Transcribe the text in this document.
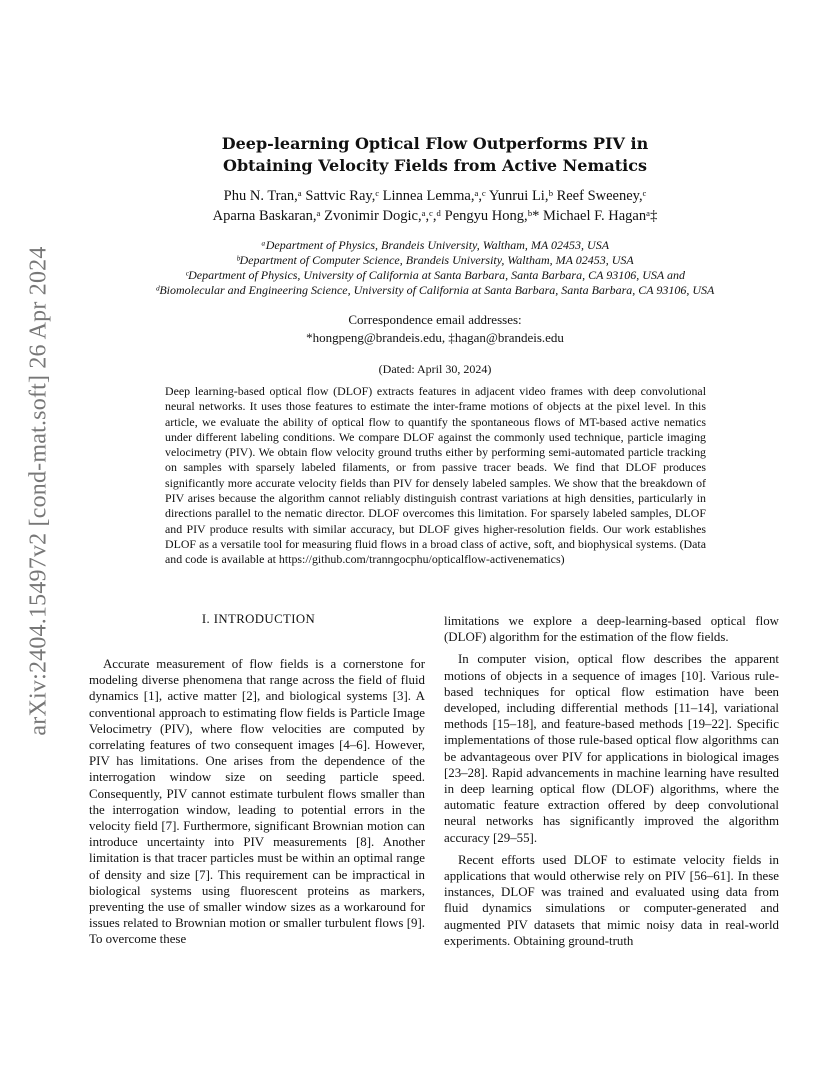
arXiv:2404.15497v2 [cond-mat.soft] 26 Apr 2024
Deep-learning Optical Flow Outperforms PIV in
Obtaining Velocity Fields from Active Nematics
Phu N. Tran,ᵃ Sattvic Ray,ᶜ Linnea Lemma,ᵃ,ᶜ Yunrui Li,ᵇ Reef Sweeney,ᶜ
Aparna Baskaran,ᵃ Zvonimir Dogic,ᵃ,ᶜ,ᵈ Pengyu Hong,ᵇ* Michael F. Haganᵃ‡
ᵃDepartment of Physics, Brandeis University, Waltham, MA 02453, USA
ᵇDepartment of Computer Science, Brandeis University, Waltham, MA 02453, USA
ᶜDepartment of Physics, University of California at Santa Barbara, Santa Barbara, CA 93106, USA and
ᵈBiomolecular and Engineering Science, University of California at Santa Barbara, Santa Barbara, CA 93106, USA
Correspondence email addresses:
*hongpeng@brandeis.edu, ‡hagan@brandeis.edu
(Dated: April 30, 2024)
Deep learning-based optical flow (DLOF) extracts features in adjacent video frames with deep convolutional neural networks. It uses those features to estimate the inter-frame motions of objects at the pixel level. In this article, we evaluate the ability of optical flow to quantify the spontaneous flows of MT-based active nematics under different labeling conditions. We compare DLOF against the commonly used technique, particle imaging velocimetry (PIV). We obtain flow velocity ground truths either by performing semi-automated particle tracking on samples with sparsely labeled filaments, or from passive tracer beads. We find that DLOF produces significantly more accurate velocity fields than PIV for densely labeled samples. We show that the breakdown of PIV arises because the algorithm cannot reliably distinguish contrast variations at high densities, particularly in directions parallel to the nematic director. DLOF overcomes this limitation. For sparsely labeled samples, DLOF and PIV produce results with similar accuracy, but DLOF gives higher-resolution fields. Our work establishes DLOF as a versatile tool for measuring fluid flows in a broad class of active, soft, and biophysical systems. (Data and code is available at https://github.com/tranngocphu/opticalflow-activenematics)
I. INTRODUCTION

Accurate measurement of flow fields is a cornerstone for modeling diverse phenomena that range across the field of fluid dynamics [1], active matter [2], and biological systems [3]. A conventional approach to estimating flow fields is Particle Image Velocimetry (PIV), where flow velocities are computed by correlating features of two consequent images [4–6]. However, PIV has limitations. One arises from the dependence of the interrogation window size on seeding particle speed. Consequently, PIV cannot estimate turbulent flows smaller than the interrogation window, leading to potential errors in the velocity field [7]. Furthermore, significant Brownian motion can introduce uncertainty into PIV measurements [8]. Another limitation is that tracer particles must be within an optimal range of density and size [7]. This requirement can be impractical in biological systems using fluorescent proteins as markers, preventing the use of smaller window sizes as a workaround for issues related to Brownian motion or smaller turbulent flows [9]. To overcome these

limitations we explore a deep-learning-based optical flow (DLOF) algorithm for the estimation of the flow fields.

In computer vision, optical flow describes the apparent motions of objects in a sequence of images [10]. Various rule-based techniques for optical flow estimation have been developed, including differential methods [11–14], variational methods [15–18], and feature-based methods [19–22]. Specific implementations of those rule-based optical flow algorithms can be advantageous over PIV for applications in biological images [23–28]. Rapid advancements in machine learning have resulted in deep learning optical flow (DLOF) algorithms, where the automatic feature extraction offered by deep convolutional neural networks has significantly improved the algorithm accuracy [29–55].

Recent efforts used DLOF to estimate velocity fields in applications that would otherwise rely on PIV [56–61]. In these instances, DLOF was trained and evaluated using data from fluid dynamics simulations or computer-generated and augmented PIV datasets that mimic noisy data in real-world experiments. Obtaining ground-truth
